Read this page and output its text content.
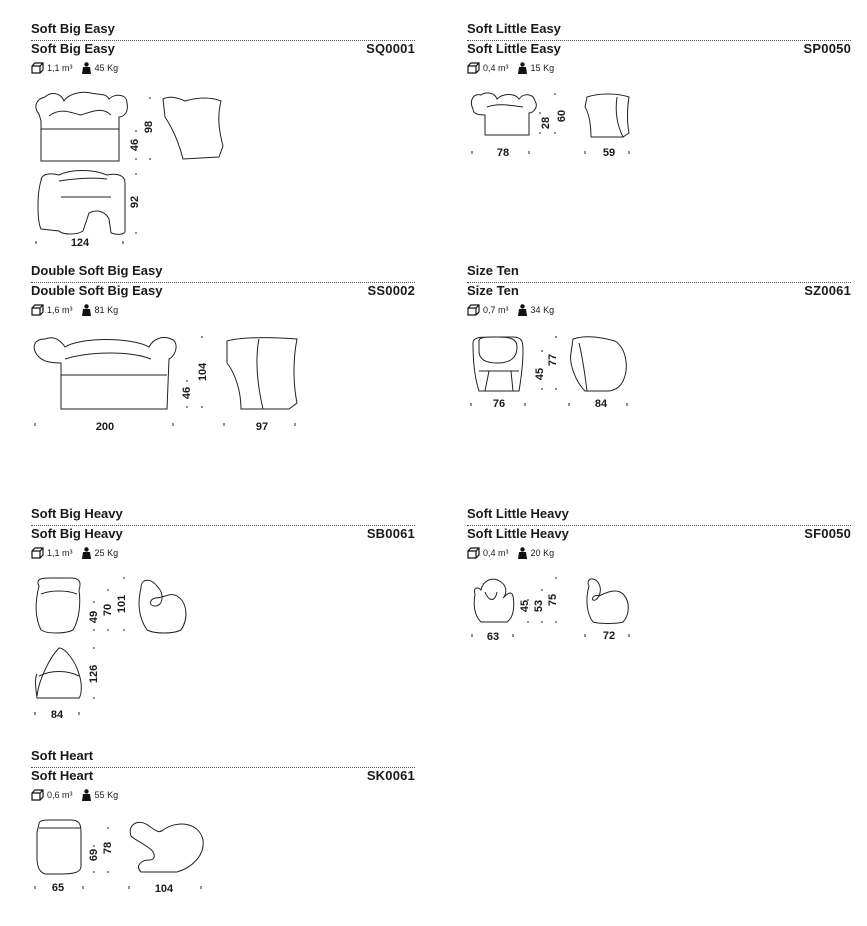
Soft Big Easy
Soft Big Easy	SQ0001
1,1 m³ 45 Kg
98
46
92
124
Soft Little Easy
Soft Little Easy	SP0050
0,4 m³ 15 Kg
28
60
78	59
Double Soft Big Easy
Double Soft Big Easy	SS0002
1,6 m³ 81 Kg
46
104
200	97
Size Ten
Size Ten	SZ0061
0,7 m³ 34 Kg
45
77
76	84
Soft Big Heavy
Soft Big Heavy	SB0061
1,1 m³ 25 Kg
49
70 101
126
84
Soft Little Heavy
Soft Little Heavy	SF0050
0,4 m³ 20 Kg
45 53 75
63	72
Soft Heart
Soft Heart	SK0061
0,6 m³ 55 Kg
69
78
65	104
